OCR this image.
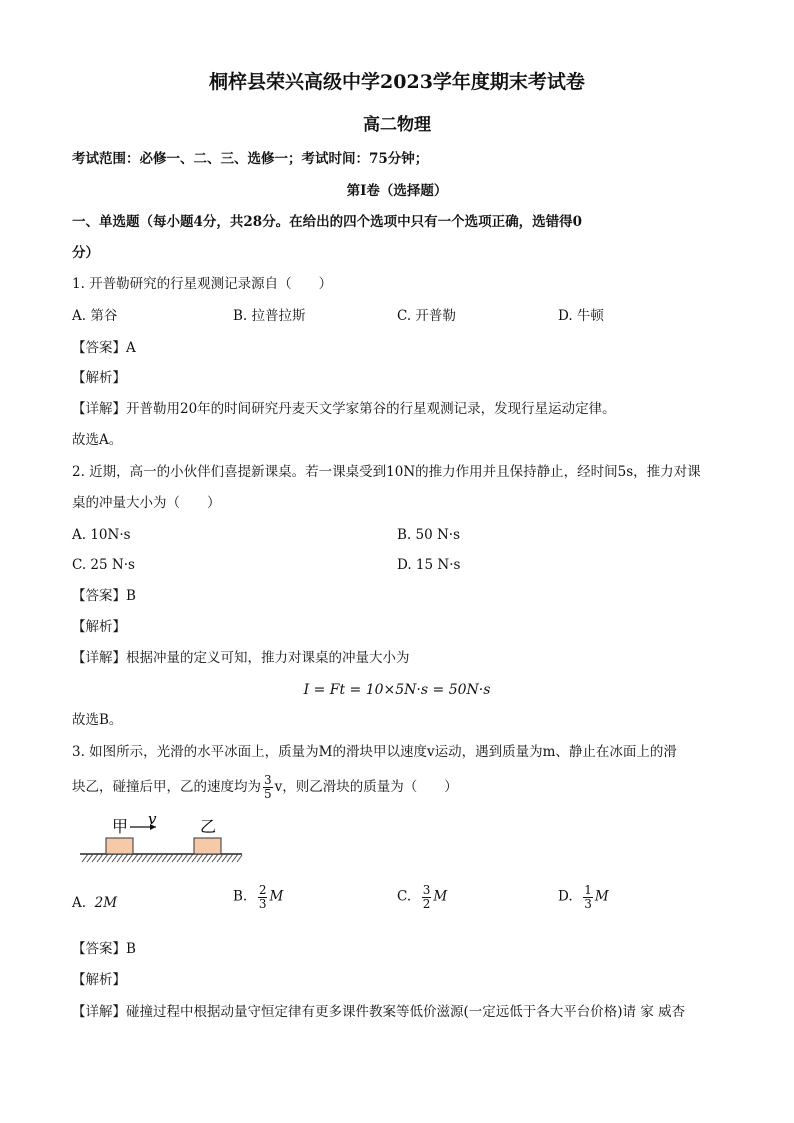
桐梓县荣兴高级中学2023学年度期末考试卷
高二物理
考试范围：必修一、二、三、选修一；考试时间：75分钟；
第I卷（选择题）
一、单选题（每小题4分，共28分。在给出的四个选项中只有一个选项正确，选错得0
分）
1. 开普勒研究的行星观测记录源自（　　）
A. 第谷	B. 拉普拉斯	C. 开普勒	D. 牛顿
【答案】A
【解析】
【详解】开普勒用20年的时间研究丹麦天文学家第谷的行星观测记录，发现行星运动定律。
故选A。
2. 近期，高一的小伙伴们喜提新课桌。若一课桌受到10N的推力作用并且保持静止，经时间5s，推力对课
桌的冲量大小为（　　）
A. 10N·s	B. 50 N·s
C. 25 N·s	D. 15 N·s
【答案】B
【解析】
【详解】根据冲量的定义可知，推力对课桌的冲量大小为
I = Ft = 10×5N·s = 50N·s
故选B。
3. 如图所示，光滑的水平冰面上，质量为M的滑块甲以速度v运动，遇到质量为m、静止在冰面上的滑
块乙，碰撞后甲，乙的速度均为 $\frac{3}{5}$ v，则乙滑块的质量为（　　）
甲	乙
v
A. 2M	B. $\frac{2}{3}$ M	C. $\frac{3}{2}$ M	D. $\frac{1}{3}$ M
【答案】B
【解析】
【详解】碰撞过程中根据动量守恒定律有更多课件教案等低价滋源(一定远低于各大平台价格)请 家 威杏
